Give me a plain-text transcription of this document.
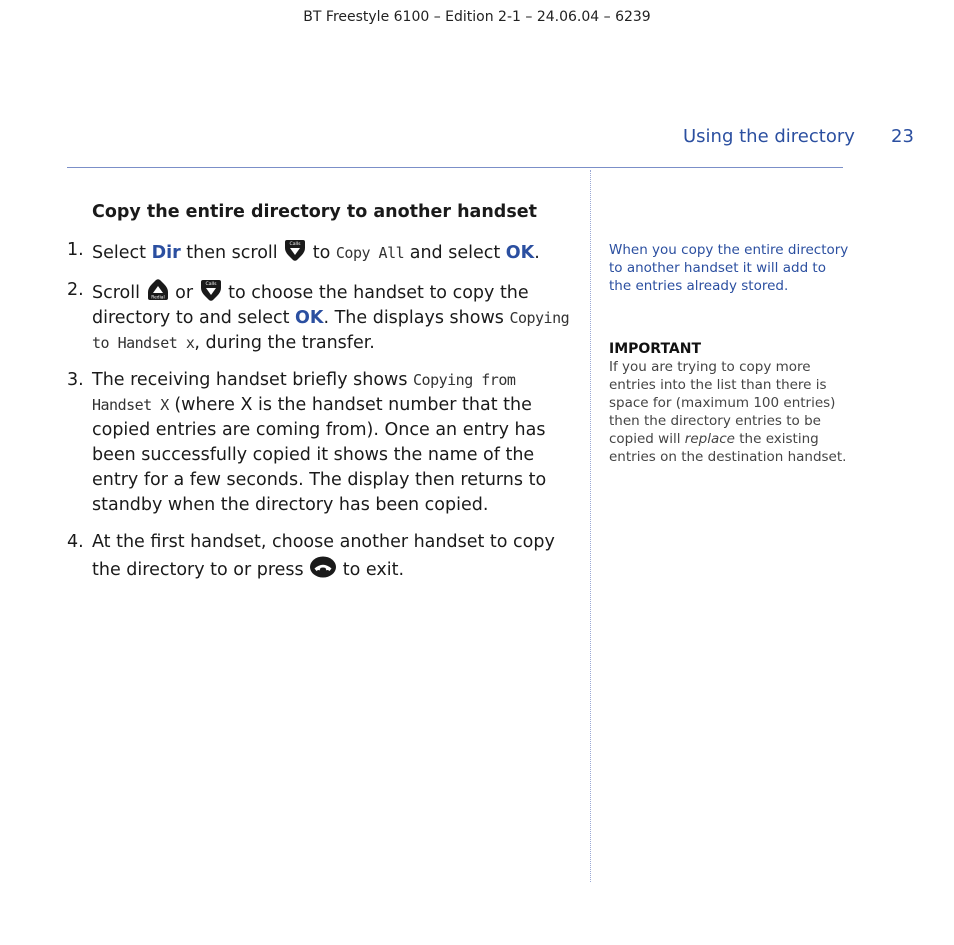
BT Freestyle 6100 – Edition 2-1 – 24.06.04 – 6239
Using the directory 23
Copy the entire directory to another handset
1. Select Dir then scroll Calls to Copy All and select OK.
2. Scroll Redial or Calls to choose the handset to copy the directory to and select OK. The displays shows Copying to Handset x, during the transfer.
3. The receiving handset briefly shows Copying from Handset X (where X is the handset number that the copied entries are coming from). Once an entry has been successfully copied it shows the name of the entry for a few seconds. The display then returns to standby when the directory has been copied.
4. At the first handset, choose another handset to copy the directory to or press
to exit.

When you copy the entire directory to another handset it will add to the entries already stored.

IMPORTANT

If you are trying to copy more entries into the list than there is space for (maximum 100 entries) then the directory entries to be copied will replace the existing entries on the destination handset.
